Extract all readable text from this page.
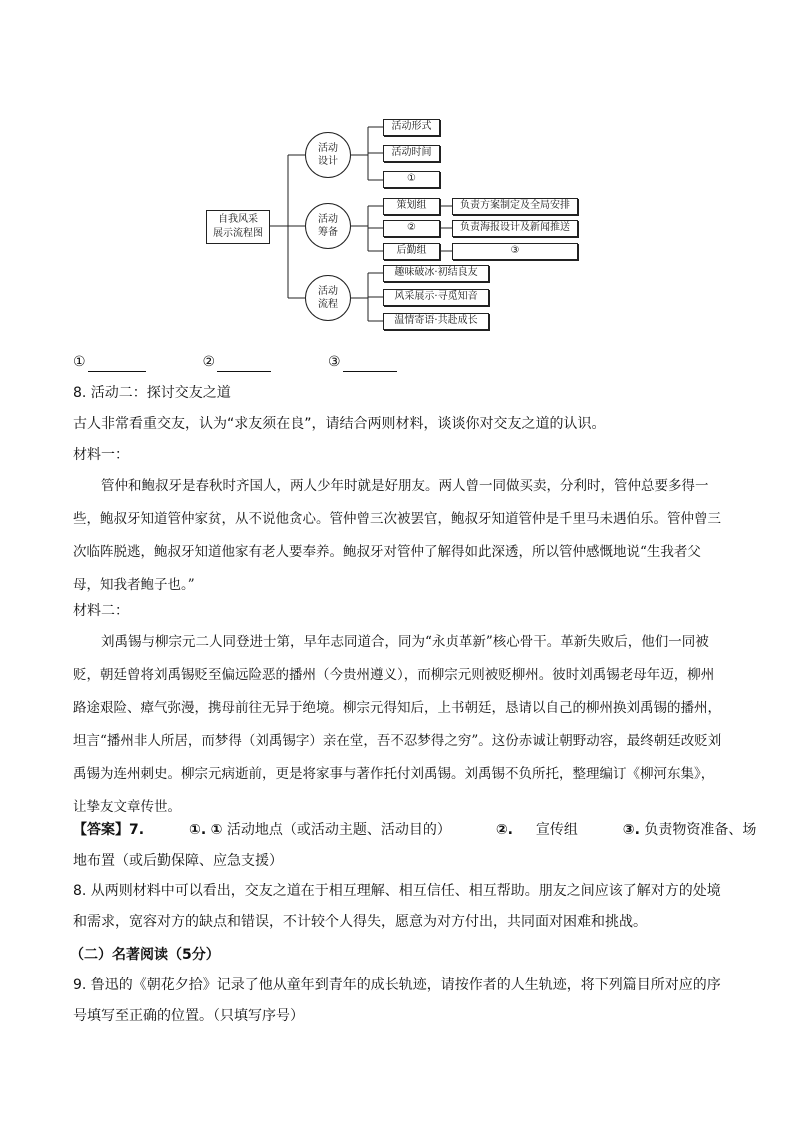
自我风采
展示流程图
活动
设计
活动
筹备
活动
流程
活动形式
活动时间
①
策划组
②
后勤组
负责方案制定及全局安排
负责海报设计及新闻推送
③
趣味破冰·初结良友
风采展示·寻觅知音
温情寄语·共赴成长
①	②	③
8. 活动二：探讨交友之道
古人非常看重交友，认为“求友须在良”，请结合两则材料，谈谈你对交友之道的认识。
材料一：
管仲和鲍叔牙是春秋时齐国人，两人少年时就是好朋友。两人曾一同做买卖，分利时，管仲总要多得一些，鲍叔牙知道管仲家贫，从不说他贪心。管仲曾三次被罢官，鲍叔牙知道管仲是千里马未遇伯乐。管仲曾三次临阵脱逃，鲍叔牙知道他家有老人要奉养。鲍叔牙对管仲了解得如此深透，所以管仲感慨地说“生我者父母，知我者鲍子也。”
材料二：
刘禹锡与柳宗元二人同登进士第，早年志同道合，同为“永贞革新”核心骨干。革新失败后，他们一同被贬，朝廷曾将刘禹锡贬至偏远险恶的播州（今贵州遵义），而柳宗元则被贬柳州。彼时刘禹锡老母年迈，柳州路途艰险、瘴气弥漫，携母前往无异于绝境。柳宗元得知后，上书朝廷，恳请以自己的柳州换刘禹锡的播州，坦言“播州非人所居，而梦得（刘禹锡字）亲在堂，吾不忍梦得之穷”。这份赤诚让朝野动容，最终朝廷改贬刘禹锡为连州刺史。柳宗元病逝前，更是将家事与著作托付刘禹锡。刘禹锡不负所托，整理编订《柳河东集》，让挚友文章传世。
【答案】7.	①. ① 活动地点（或活动主题、活动目的）	②. 宣传组	③. 负责物资准备、场
地布置（或后勤保障、应急支援）
8. 从两则材料中可以看出，交友之道在于相互理解、相互信任、相互帮助。朋友之间应该了解对方的处境和需求，宽容对方的缺点和错误，不计较个人得失，愿意为对方付出，共同面对困难和挑战。
（二）名著阅读（5分）
9. 鲁迅的《朝花夕拾》记录了他从童年到青年的成长轨迹，请按作者的人生轨迹，将下列篇目所对应的序号填写至正确的位置。（只填写序号）
